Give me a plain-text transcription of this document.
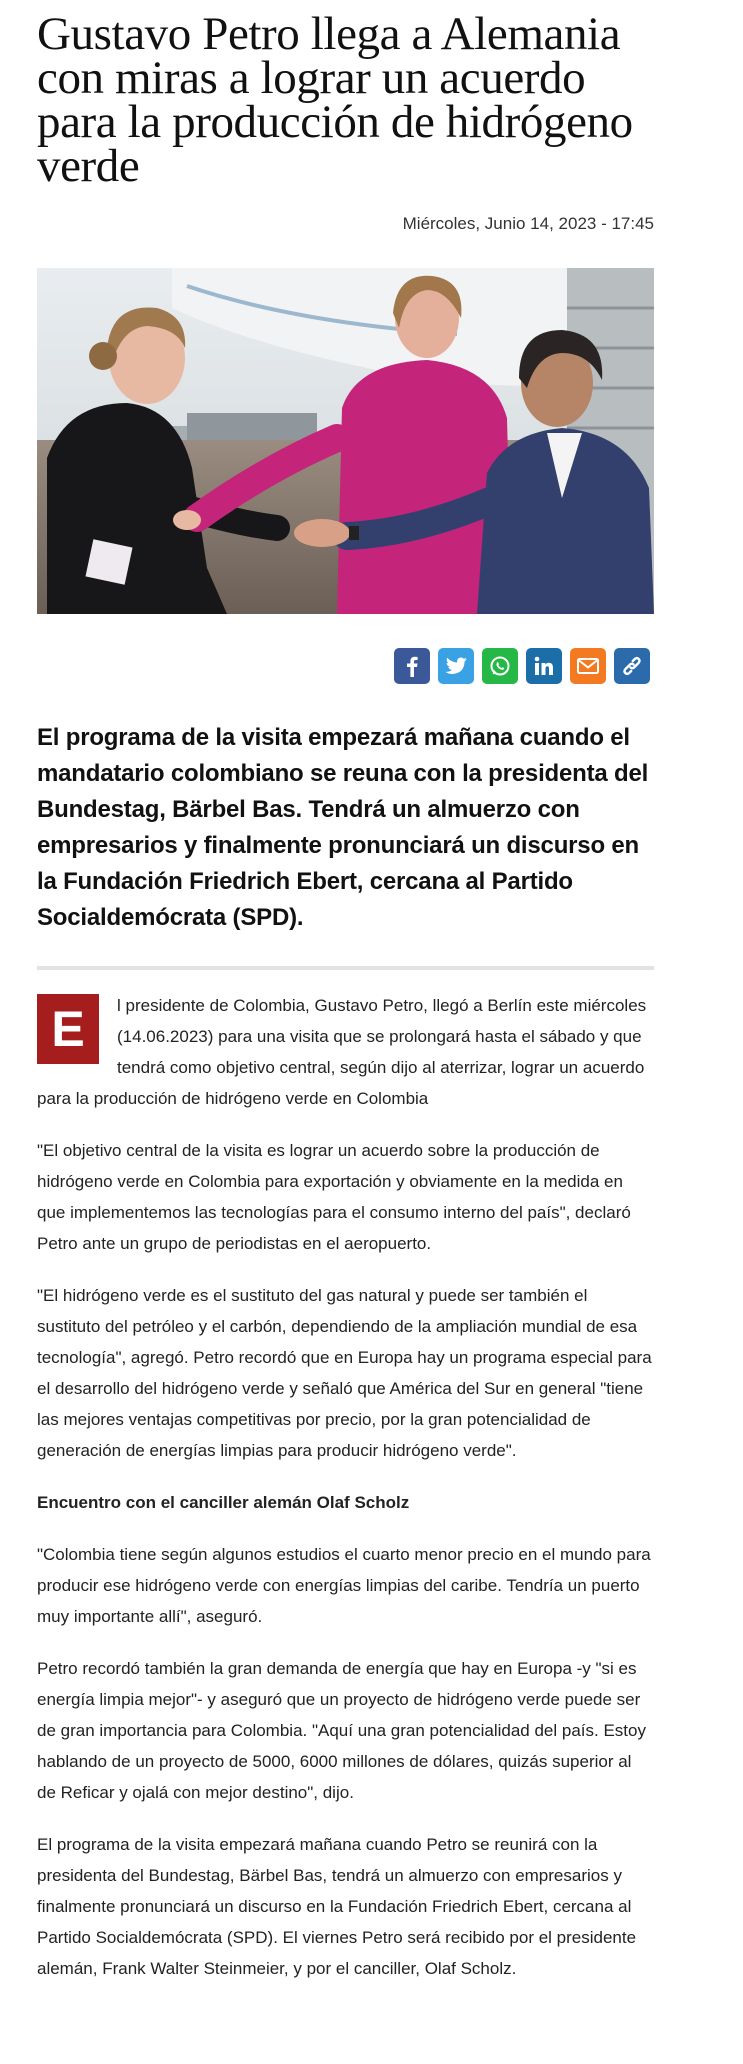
Gustavo Petro llega a Alemania con miras a lograr un acuerdo para la producción de hidrógeno verde
Miércoles, Junio 14, 2023 - 17:45
El programa de la visita empezará mañana cuando el mandatario colombiano se reuna con la presidenta del Bundestag, Bärbel Bas. Tendrá un almuerzo con empresarios y finalmente pronunciará un discurso en la Fundación Friedrich Ebert, cercana al Partido Socialdemócrata (SPD).

E	l presidente de Colombia, Gustavo Petro, llegó a Berlín este miércoles (14.06.2023) para una visita que se prolongará hasta el sábado y que tendrá como objetivo central, según dijo al aterrizar, lograr un acuerdo para la producción de hidrógeno verde en Colombia

"El objetivo central de la visita es lograr un acuerdo sobre la producción de hidrógeno verde en Colombia para exportación y obviamente en la medida en que implementemos las tecnologías para el consumo interno del país", declaró Petro ante un grupo de periodistas en el aeropuerto.

"El hidrógeno verde es el sustituto del gas natural y puede ser también el sustituto del petróleo y el carbón, dependiendo de la ampliación mundial de esa tecnología", agregó. Petro recordó que en Europa hay un programa especial para el desarrollo del hidrógeno verde y señaló que América del Sur en general "tiene las mejores ventajas competitivas por precio, por la gran potencialidad de generación de energías limpias para producir hidrógeno verde".

Encuentro con el canciller alemán Olaf Scholz

"Colombia tiene según algunos estudios el cuarto menor precio en el mundo para producir ese hidrógeno verde con energías limpias del caribe. Tendría un puerto muy importante allí", aseguró.

Petro recordó también la gran demanda de energía que hay en Europa -y "si es energía limpia mejor"- y aseguró que un proyecto de hidrógeno verde puede ser de gran importancia para Colombia. "Aquí una gran potencialidad del país. Estoy hablando de un proyecto de 5000, 6000 millones de dólares, quizás superior al de Reficar y ojalá con mejor destino", dijo.

El programa de la visita empezará mañana cuando Petro se reunirá con la presidenta del Bundestag, Bärbel Bas, tendrá un almuerzo con empresarios y finalmente pronunciará un discurso en la Fundación Friedrich Ebert, cercana al Partido Socialdemócrata (SPD). El viernes Petro será recibido por el presidente alemán, Frank Walter Steinmeier, y por el canciller, Olaf Scholz.
